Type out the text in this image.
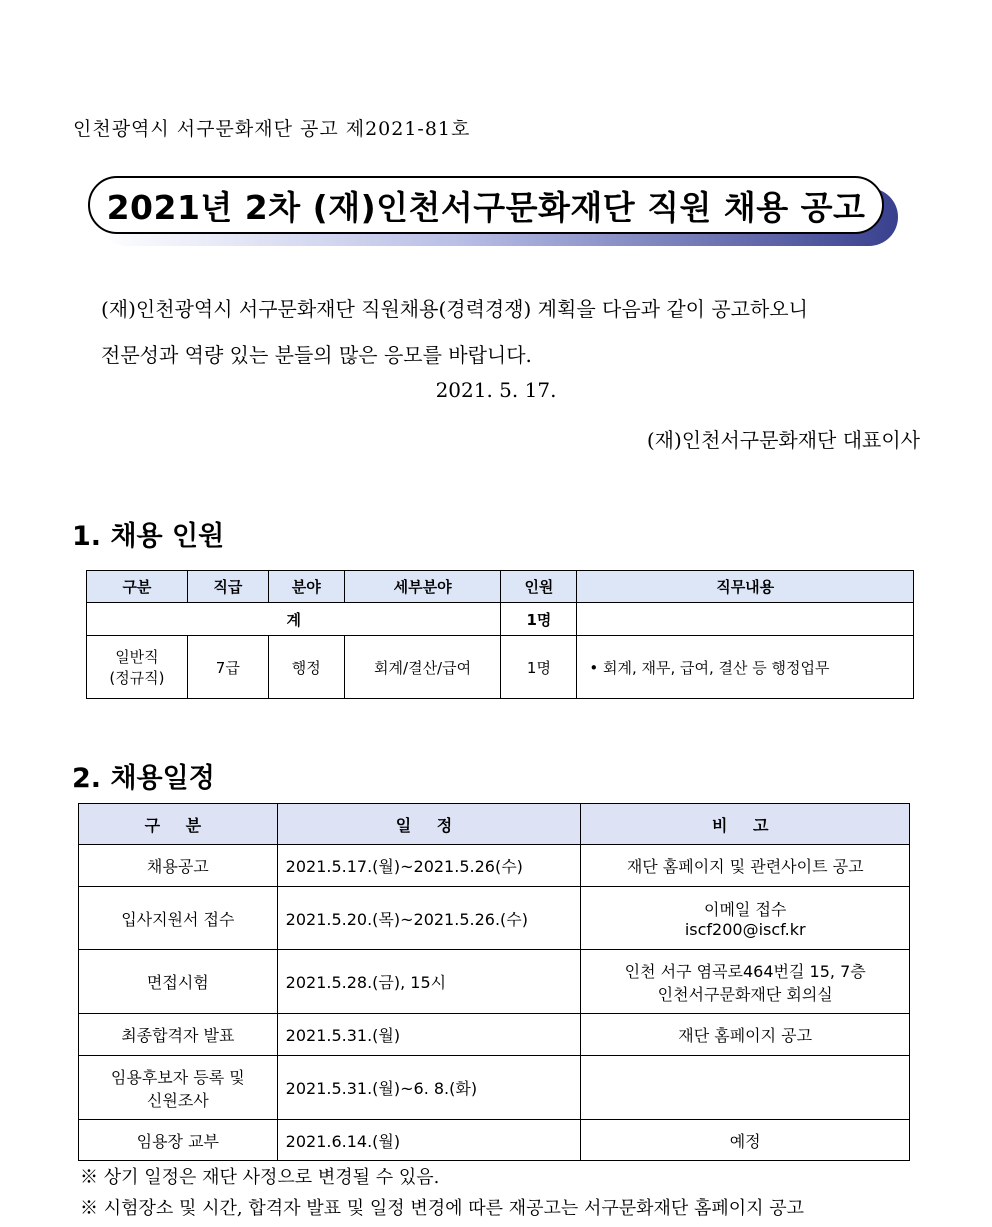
인천광역시 서구문화재단 공고 제2021-81호
2021년 2차 (재)인천서구문화재단 직원 채용 공고
(재)인천광역시 서구문화재단 직원채용(경력경쟁) 계획을 다음과 같이 공고하오니
전문성과 역량 있는 분들의 많은 응모를 바랍니다.
2021. 5. 17.
(재)인천서구문화재단 대표이사
1. 채용 인원
구분	직급	분야	세부분야	인원	직무내용
계				1명	

일반직
(정규직)	7급	행정	회계/결산/급여	1명	• 회계, 재무, 급여, 결산 등 행정업무
2. 채용일정
구 분	일 정	비 고
채용공고	2021.5.17.(월)~2021.5.26(수)	재단 홈페이지 및 관련사이트 공고
입사지원서 접수	2021.5.20.(목)~2021.5.26.(수)	이메일 접수
iscf200@iscf.kr

면접시험	2021.5.28.(금), 15시	인천 서구 염곡로464번길 15, 7층
인천서구문화재단 회의실

최종합격자 발표	2021.5.31.(월)	재단 홈페이지 공고

임용후보자 등록 및
신원조사	2021.5.31.(월)~6. 8.(화)	
임용장 교부	2021.6.14.(월)	예정
※ 상기 일정은 재단 사정으로 변경될 수 있음.
※ 시험장소 및 시간, 합격자 발표 및 일정 변경에 따른 재공고는 서구문화재단 홈페이지 공고
